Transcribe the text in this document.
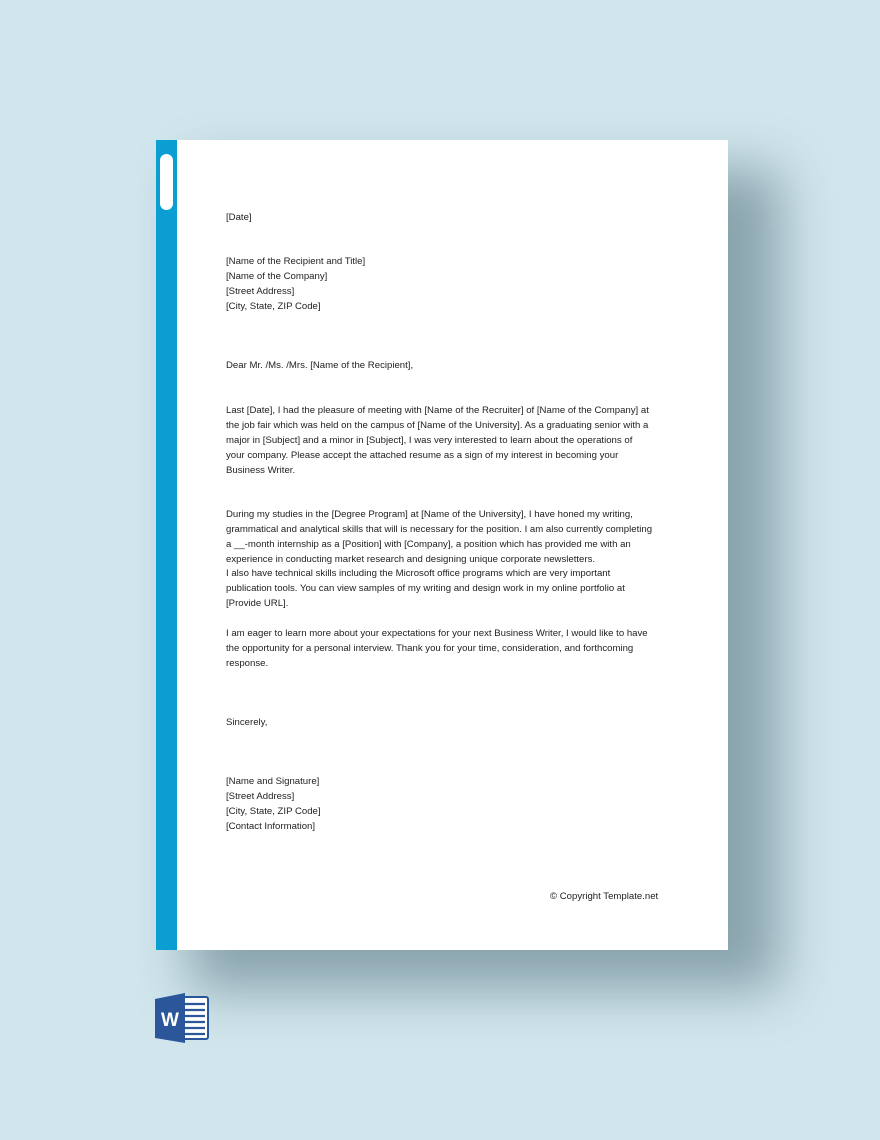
[Date]
[Name of the Recipient and Title]
[Name of the Company]
[Street Address]
[City, State, ZIP Code]
Dear Mr. /Ms. /Mrs. [Name of the Recipient],
Last [Date], I had the pleasure of meeting with [Name of the Recruiter] of [Name of the Company] at
the job fair which was held on the campus of [Name of the University]. As a graduating senior with a
major in [Subject] and a minor in [Subject], I was very interested to learn about the operations of
your company. Please accept the attached resume as a sign of my interest in becoming your
Business Writer.
During my studies in the [Degree Program] at [Name of the University], I have honed my writing,
grammatical and analytical skills that will is necessary for the position. I am also currently completing
a __-month internship as a [Position] with [Company], a position which has provided me with an
experience in conducting market research and designing unique corporate newsletters.
I also have technical skills including the Microsoft office programs which are very important
publication tools. You can view samples of my writing and design work in my online portfolio at
[Provide URL].
I am eager to learn more about your expectations for your next Business Writer, I would like to have
the opportunity for a personal interview. Thank you for your time, consideration, and forthcoming
response.
Sincerely,
[Name and Signature]
[Street Address]
[City, State, ZIP Code]
[Contact Information]
© Copyright Template.net
W
